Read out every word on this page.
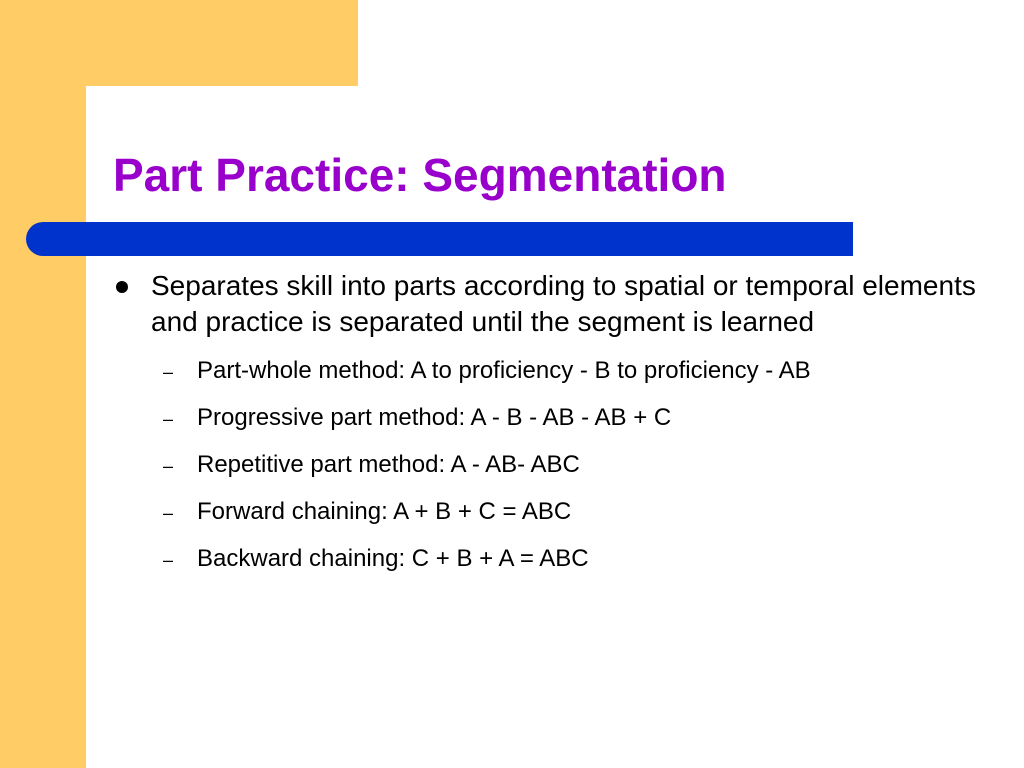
Part Practice: Segmentation
Separates skill into parts according to spatial or temporal elements and practice is separated until the segment is learned
– Part-whole method: A to proficiency - B to proficiency - AB
– Progressive part method: A - B - AB - AB + C
– Repetitive part method: A - AB- ABC
– Forward chaining: A + B + C = ABC
– Backward chaining: C + B + A = ABC
